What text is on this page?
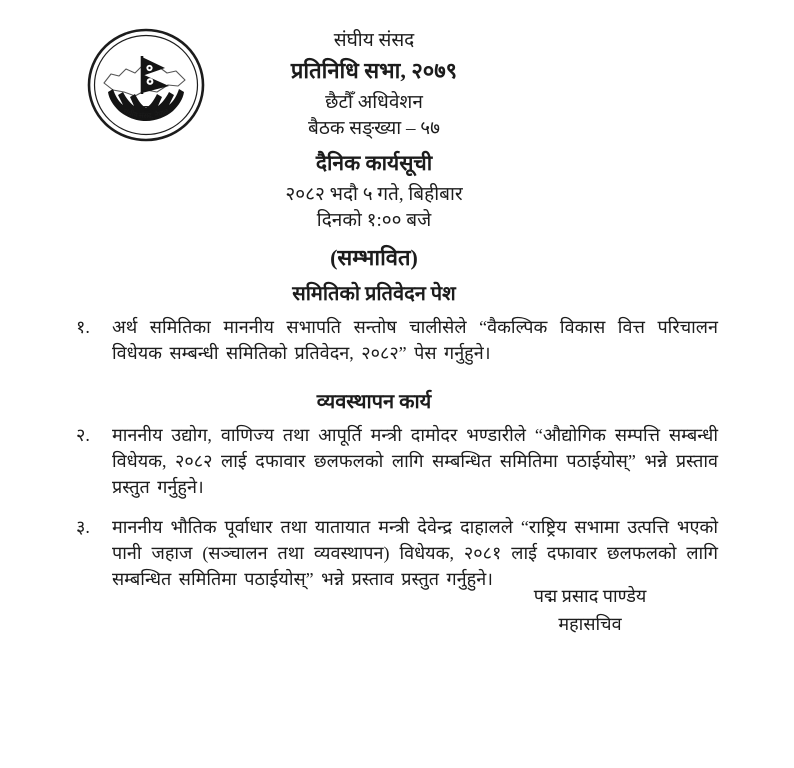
संघीय संसद, नेपाल
संघीय संसद
प्रतिनिधि सभा, २०७९
छैटौँ अधिवेशन
बैठक सङ्ख्या – ५७
दैनिक कार्यसूची
२०८२ भदौ ५ गते, बिहीबार
दिनको १:०० बजे
(सम्भावित)
समितिको प्रतिवेदन पेश
१.	अर्थ समितिका माननीय सभापति सन्तोष चालीसेले “वैकल्पिक विकास वित्त परिचालन विधेयक सम्बन्धी समितिको प्रतिवेदन, २०८२” पेस गर्नुहुने।
व्यवस्थापन कार्य
२.	माननीय उद्योग, वाणिज्य तथा आपूर्ति मन्त्री दामोदर भण्डारीले “औद्योगिक सम्पत्ति सम्बन्धी विधेयक, २०८२ लाई दफावार छलफलको लागि सम्बन्धित समितिमा पठाईयोस्” भन्ने प्रस्ताव प्रस्तुत गर्नुहुने।
३.	माननीय भौतिक पूर्वाधार तथा यातायात मन्त्री देवेन्द्र दाहालले “राष्ट्रिय सभामा उत्पत्ति भएको पानी जहाज (सञ्चालन तथा व्यवस्थापन) विधेयक, २०८१ लाई दफावार छलफलको लागि सम्बन्धित समितिमा पठाईयोस्” भन्ने प्रस्ताव प्रस्तुत गर्नुहुने।
पद्म प्रसाद पाण्डेय
महासचिव
